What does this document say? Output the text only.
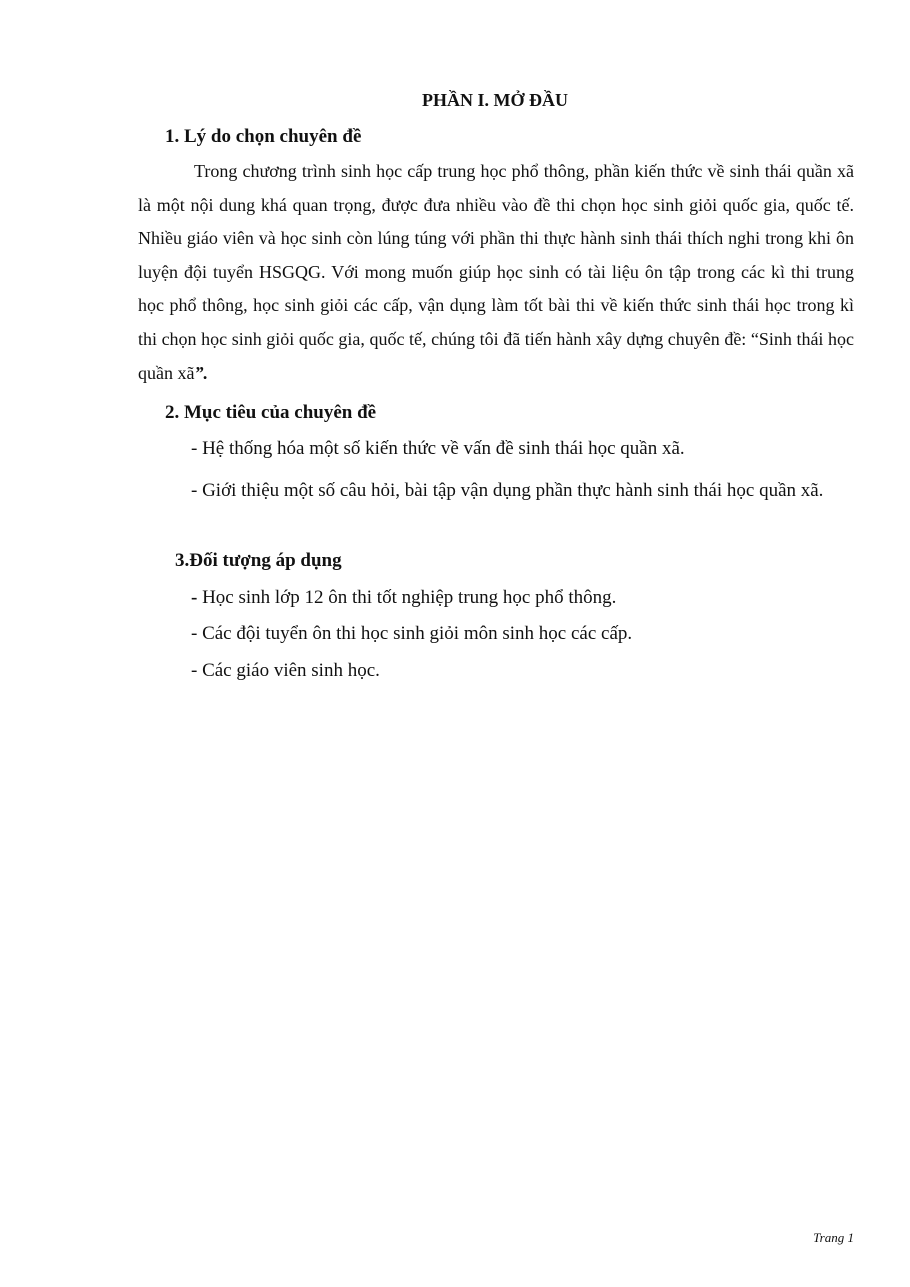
PHẦN I. MỞ ĐẦU
1. Lý do chọn chuyên đề
Trong chương trình sinh học cấp trung học phổ thông, phần kiến thức về sinh thái quần xã là một nội dung khá quan trọng, được đưa nhiều vào đề thi chọn học sinh giỏi quốc gia, quốc tế. Nhiều giáo viên và học sinh còn lúng túng với phần thi thực hành sinh thái thích nghi trong khi ôn luyện đội tuyển HSGQG. Với mong muốn giúp học sinh có tài liệu ôn tập trong các kì thi trung học phổ thông, học sinh giỏi các cấp, vận dụng làm tốt bài thi về kiến thức sinh thái học trong kì thi chọn học sinh giỏi quốc gia, quốc tế, chúng tôi đã tiến hành xây dựng chuyên đề: “Sinh thái học quần xã”.
2. Mục tiêu của chuyên đề
- Hệ thống hóa một số kiến thức về vấn đề sinh thái học quần xã.
- Giới thiệu một số câu hỏi, bài tập vận dụng phần thực hành sinh thái học quần xã.
3.Đối tượng áp dụng
- Học sinh lớp 12 ôn thi tốt nghiệp trung học phổ thông.
- Các đội tuyển ôn thi học sinh giỏi môn sinh học các cấp.
- Các giáo viên sinh học.
Trang 1
